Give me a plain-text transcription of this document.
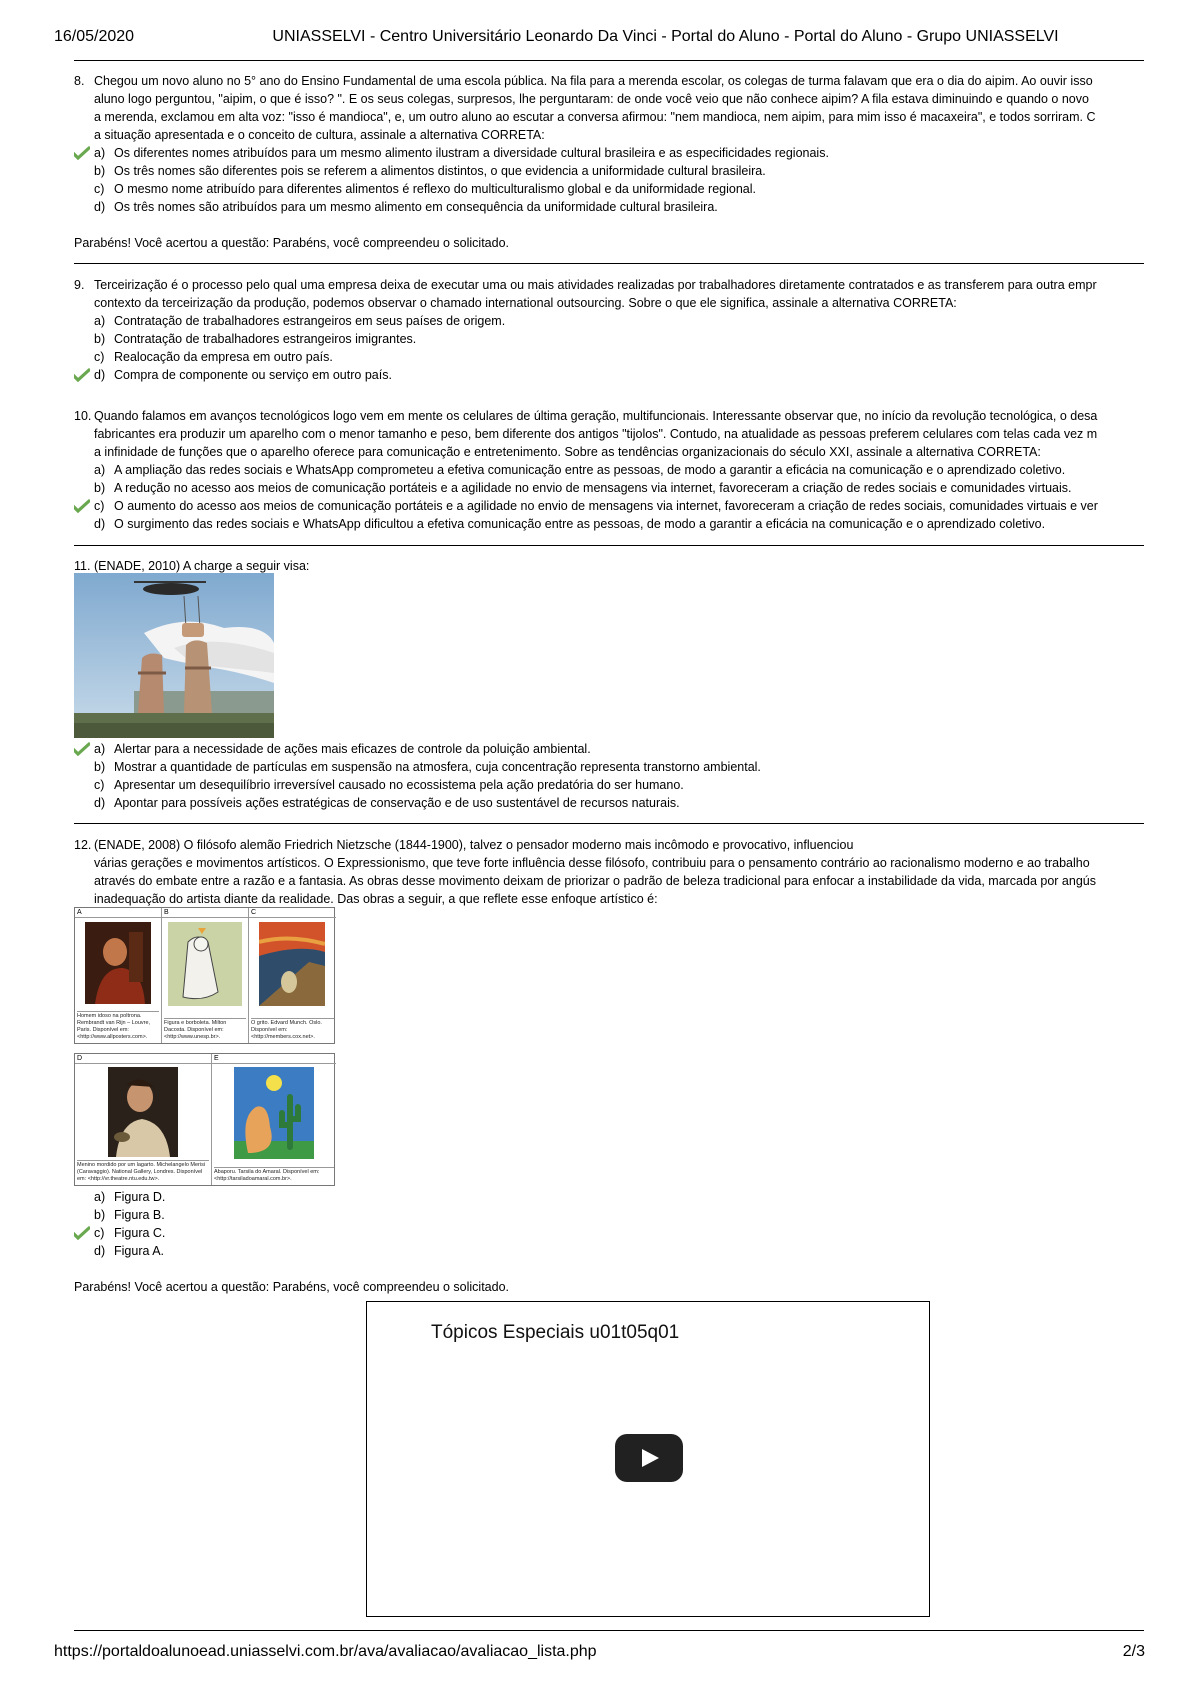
16/05/2020	UNIASSELVI - Centro Universitário Leonardo Da Vinci - Portal do Aluno - Portal do Aluno - Grupo UNIASSELVI
8. Chegou um novo aluno no 5° ano do Ensino Fundamental de uma escola pública. Na fila para a merenda escolar, os colegas de turma falavam que era o dia do aipim. Ao ouvir isso

aluno logo perguntou, "aipim, o que é isso? ". E os seus colegas, surpresos, lhe perguntaram: de onde você veio que não conhece aipim? A fila estava diminuindo e quando o novo

a merenda, exclamou em alta voz: "isso é mandioca", e, um outro aluno ao escutar a conversa afirmou: "nem mandioca, nem aipim, para mim isso é macaxeira", e todos sorriram. C

a situação apresentada e o conceito de cultura, assinale a alternativa CORRETA:

a) Os diferentes nomes atribuídos para um mesmo alimento ilustram a diversidade cultural brasileira e as especificidades regionais.
b) Os três nomes são diferentes pois se referem a alimentos distintos, o que evidencia a uniformidade cultural brasileira.
c) O mesmo nome atribuído para diferentes alimentos é reflexo do multiculturalismo global e da uniformidade regional.
d) Os três nomes são atribuídos para um mesmo alimento em consequência da uniformidade cultural brasileira.
Parabéns! Você acertou a questão: Parabéns, você compreendeu o solicitado.
9. Terceirização é o processo pelo qual uma empresa deixa de executar uma ou mais atividades realizadas por trabalhadores diretamente contratados e as transferem para outra empr

contexto da terceirização da produção, podemos observar o chamado international outsourcing. Sobre o que ele significa, assinale a alternativa CORRETA:

a) Contratação de trabalhadores estrangeiros em seus países de origem.
b) Contratação de trabalhadores estrangeiros imigrantes.
c) Realocação da empresa em outro país.
d) Compra de componente ou serviço em outro país.
10. Quando falamos em avanços tecnológicos logo vem em mente os celulares de última geração, multifuncionais. Interessante observar que, no início da revolução tecnológica, o desa

fabricantes era produzir um aparelho com o menor tamanho e peso, bem diferente dos antigos "tijolos". Contudo, na atualidade as pessoas preferem celulares com telas cada vez m

a infinidade de funções que o aparelho oferece para comunicação e entretenimento. Sobre as tendências organizacionais do século XXI, assinale a alternativa CORRETA:

a) A ampliação das redes sociais e WhatsApp comprometeu a efetiva comunicação entre as pessoas, de modo a garantir a eficácia na comunicação e o aprendizado coletivo.
b) A redução no acesso aos meios de comunicação portáteis e a agilidade no envio de mensagens via internet, favoreceram a criação de redes sociais e comunidades virtuais.
c) O aumento do acesso aos meios de comunicação portáteis e a agilidade no envio de mensagens via internet, favoreceram a criação de redes sociais, comunidades virtuais e ver
d) O surgimento das redes sociais e WhatsApp dificultou a efetiva comunicação entre as pessoas, de modo a garantir a eficácia na comunicação e o aprendizado coletivo.
11. (ENADE, 2010) A charge a seguir visa:

a) Alertar para a necessidade de ações mais eficazes de controle da poluição ambiental.
b) Mostrar a quantidade de partículas em suspensão na atmosfera, cuja concentração representa transtorno ambiental.
c) Apresentar um desequilíbrio irreversível causado no ecossistema pela ação predatória do ser humano.
d) Apontar para possíveis ações estratégicas de conservação e de uso sustentável de recursos naturais.
12. (ENADE, 2008) O filósofo alemão Friedrich Nietzsche (1844-1900), talvez o pensador moderno mais incômodo e provocativo, influenciou

várias gerações e movimentos artísticos. O Expressionismo, que teve forte influência desse filósofo, contribuiu para o pensamento contrário ao racionalismo moderno e ao trabalho

através do embate entre a razão e a fantasia. As obras desse movimento deixam de priorizar o padrão de beleza tradicional para enfocar a instabilidade da vida, marcada por angús

inadequação do artista diante da realidade. Das obras a seguir, a que reflete esse enfoque artístico é:

A
Homem idoso na poltrona. Rembrandt van Rijn – Louvre, Paris. Disponível em: <http://www.allposters.com>.
B
Figura e borboleta. Milton Dacosta. Disponível em: <http://www.unesp.br>.
C
O grito. Edvard Munch. Oslo. Disponível em: <http://members.cox.net>.
D
Menino mordido por um lagarto. Michelangelo Merisi (Caravaggio). National Gallery, Londres. Disponível em: <http://vr.theatre.ntu.edu.tw>.
E
Abaporu. Tarsila do Amaral. Disponível em: <http://tarsiladoamaral.com.br>.
a) Figura D.
b) Figura B.
c) Figura C.
d) Figura A.
Parabéns! Você acertou a questão: Parabéns, você compreendeu o solicitado.
Tópicos Especiais u01t05q01
https://portaldoalunoead.uniasselvi.com.br/ava/avaliacao/avaliacao_lista.php	2/3
